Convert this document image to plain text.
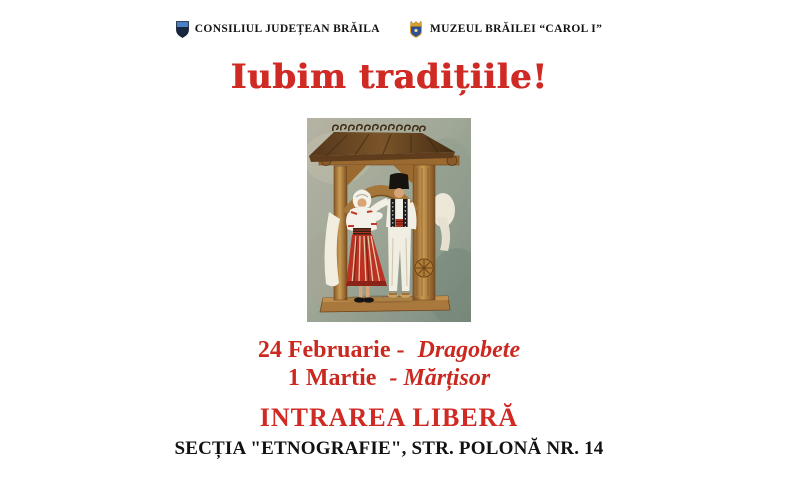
CONSILIUL JUDEȚEAN BRĂILA	MUZEUL BRĂILEI “CAROL I”
Iubim tradițiile!
24 Februarie - Dragobete
1 Martie - Mărțisor
INTRAREA LIBERĂ
SECȚIA "ETNOGRAFIE", STR. POLONĂ NR. 14
